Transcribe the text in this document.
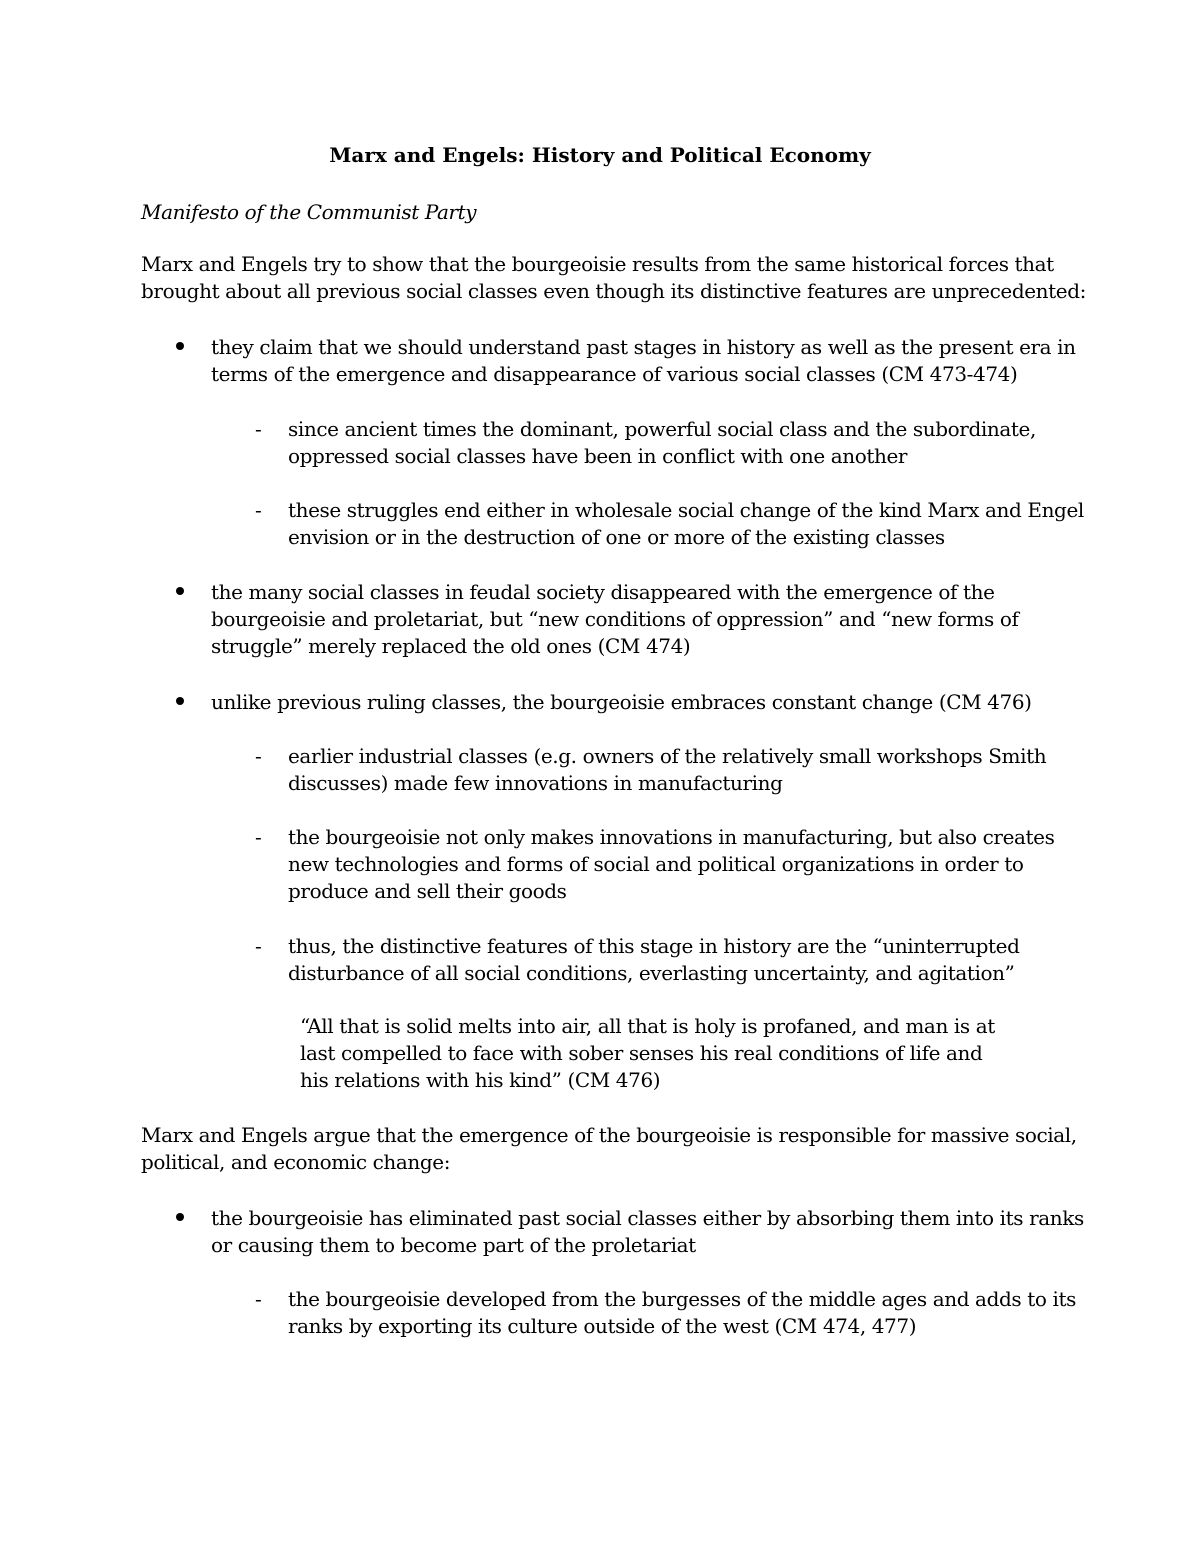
Marx and Engels: History and Political Economy
Manifesto of the Communist Party
Marx and Engels try to show that the bourgeoisie results from the same historical forces that
brought about all previous social classes even though its distinctive features are unprecedented:
they claim that we should understand past stages in history as well as the present era in
terms of the emergence and disappearance of various social classes (CM 473-474)
- since ancient times the dominant, powerful social class and the subordinate,
oppressed social classes have been in conflict with one another
- these struggles end either in wholesale social change of the kind Marx and Engel
envision or in the destruction of one or more of the existing classes
the many social classes in feudal society disappeared with the emergence of the
bourgeoisie and proletariat, but “new conditions of oppression” and “new forms of
struggle” merely replaced the old ones (CM 474)
unlike previous ruling classes, the bourgeoisie embraces constant change (CM 476)
- earlier industrial classes (e.g. owners of the relatively small workshops Smith
discusses) made few innovations in manufacturing
- the bourgeoisie not only makes innovations in manufacturing, but also creates
new technologies and forms of social and political organizations in order to
produce and sell their goods
- thus, the distinctive features of this stage in history are the “uninterrupted
disturbance of all social conditions, everlasting uncertainty, and agitation”
“All that is solid melts into air, all that is holy is profaned, and man is at
last compelled to face with sober senses his real conditions of life and
his relations with his kind” (CM 476)
Marx and Engels argue that the emergence of the bourgeoisie is responsible for massive social,
political, and economic change:
the bourgeoisie has eliminated past social classes either by absorbing them into its ranks
or causing them to become part of the proletariat
- the bourgeoisie developed from the burgesses of the middle ages and adds to its
ranks by exporting its culture outside of the west (CM 474, 477)
